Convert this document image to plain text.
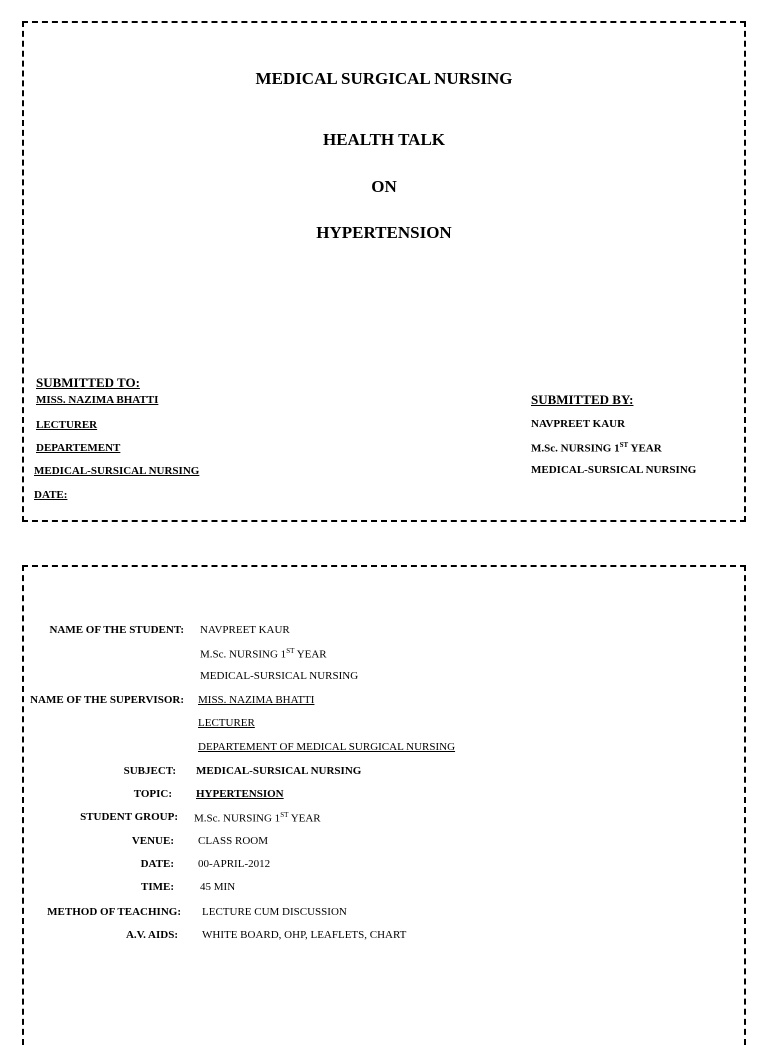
MEDICAL SURGICAL NURSING
HEALTH TALK
ON
HYPERTENSION
SUBMITTED TO:
MISS. NAZIMA BHATTI
LECTURER
DEPARTEMENT
MEDICAL-SURSICAL NURSING
DATE:
SUBMITTED BY:
NAVPREET KAUR
M.Sc. NURSING 1ST YEAR
MEDICAL-SURSICAL NURSING
NAME OF THE STUDENT: NAVPREET KAUR
M.Sc. NURSING 1ST YEAR
MEDICAL-SURSICAL NURSING
NAME OF THE SUPERVISOR: MISS. NAZIMA BHATTI
LECTURER
DEPARTEMENT OF MEDICAL SURGICAL NURSING
SUBJECT: MEDICAL-SURSICAL NURSING
TOPIC: HYPERTENSION
STUDENT GROUP: M.Sc. NURSING 1ST YEAR
VENUE: CLASS ROOM
DATE: 00-APRIL-2012
TIME: 45 MIN
METHOD OF TEACHING: LECTURE CUM DISCUSSION
A.V. AIDS: WHITE BOARD, OHP, LEAFLETS, CHART
